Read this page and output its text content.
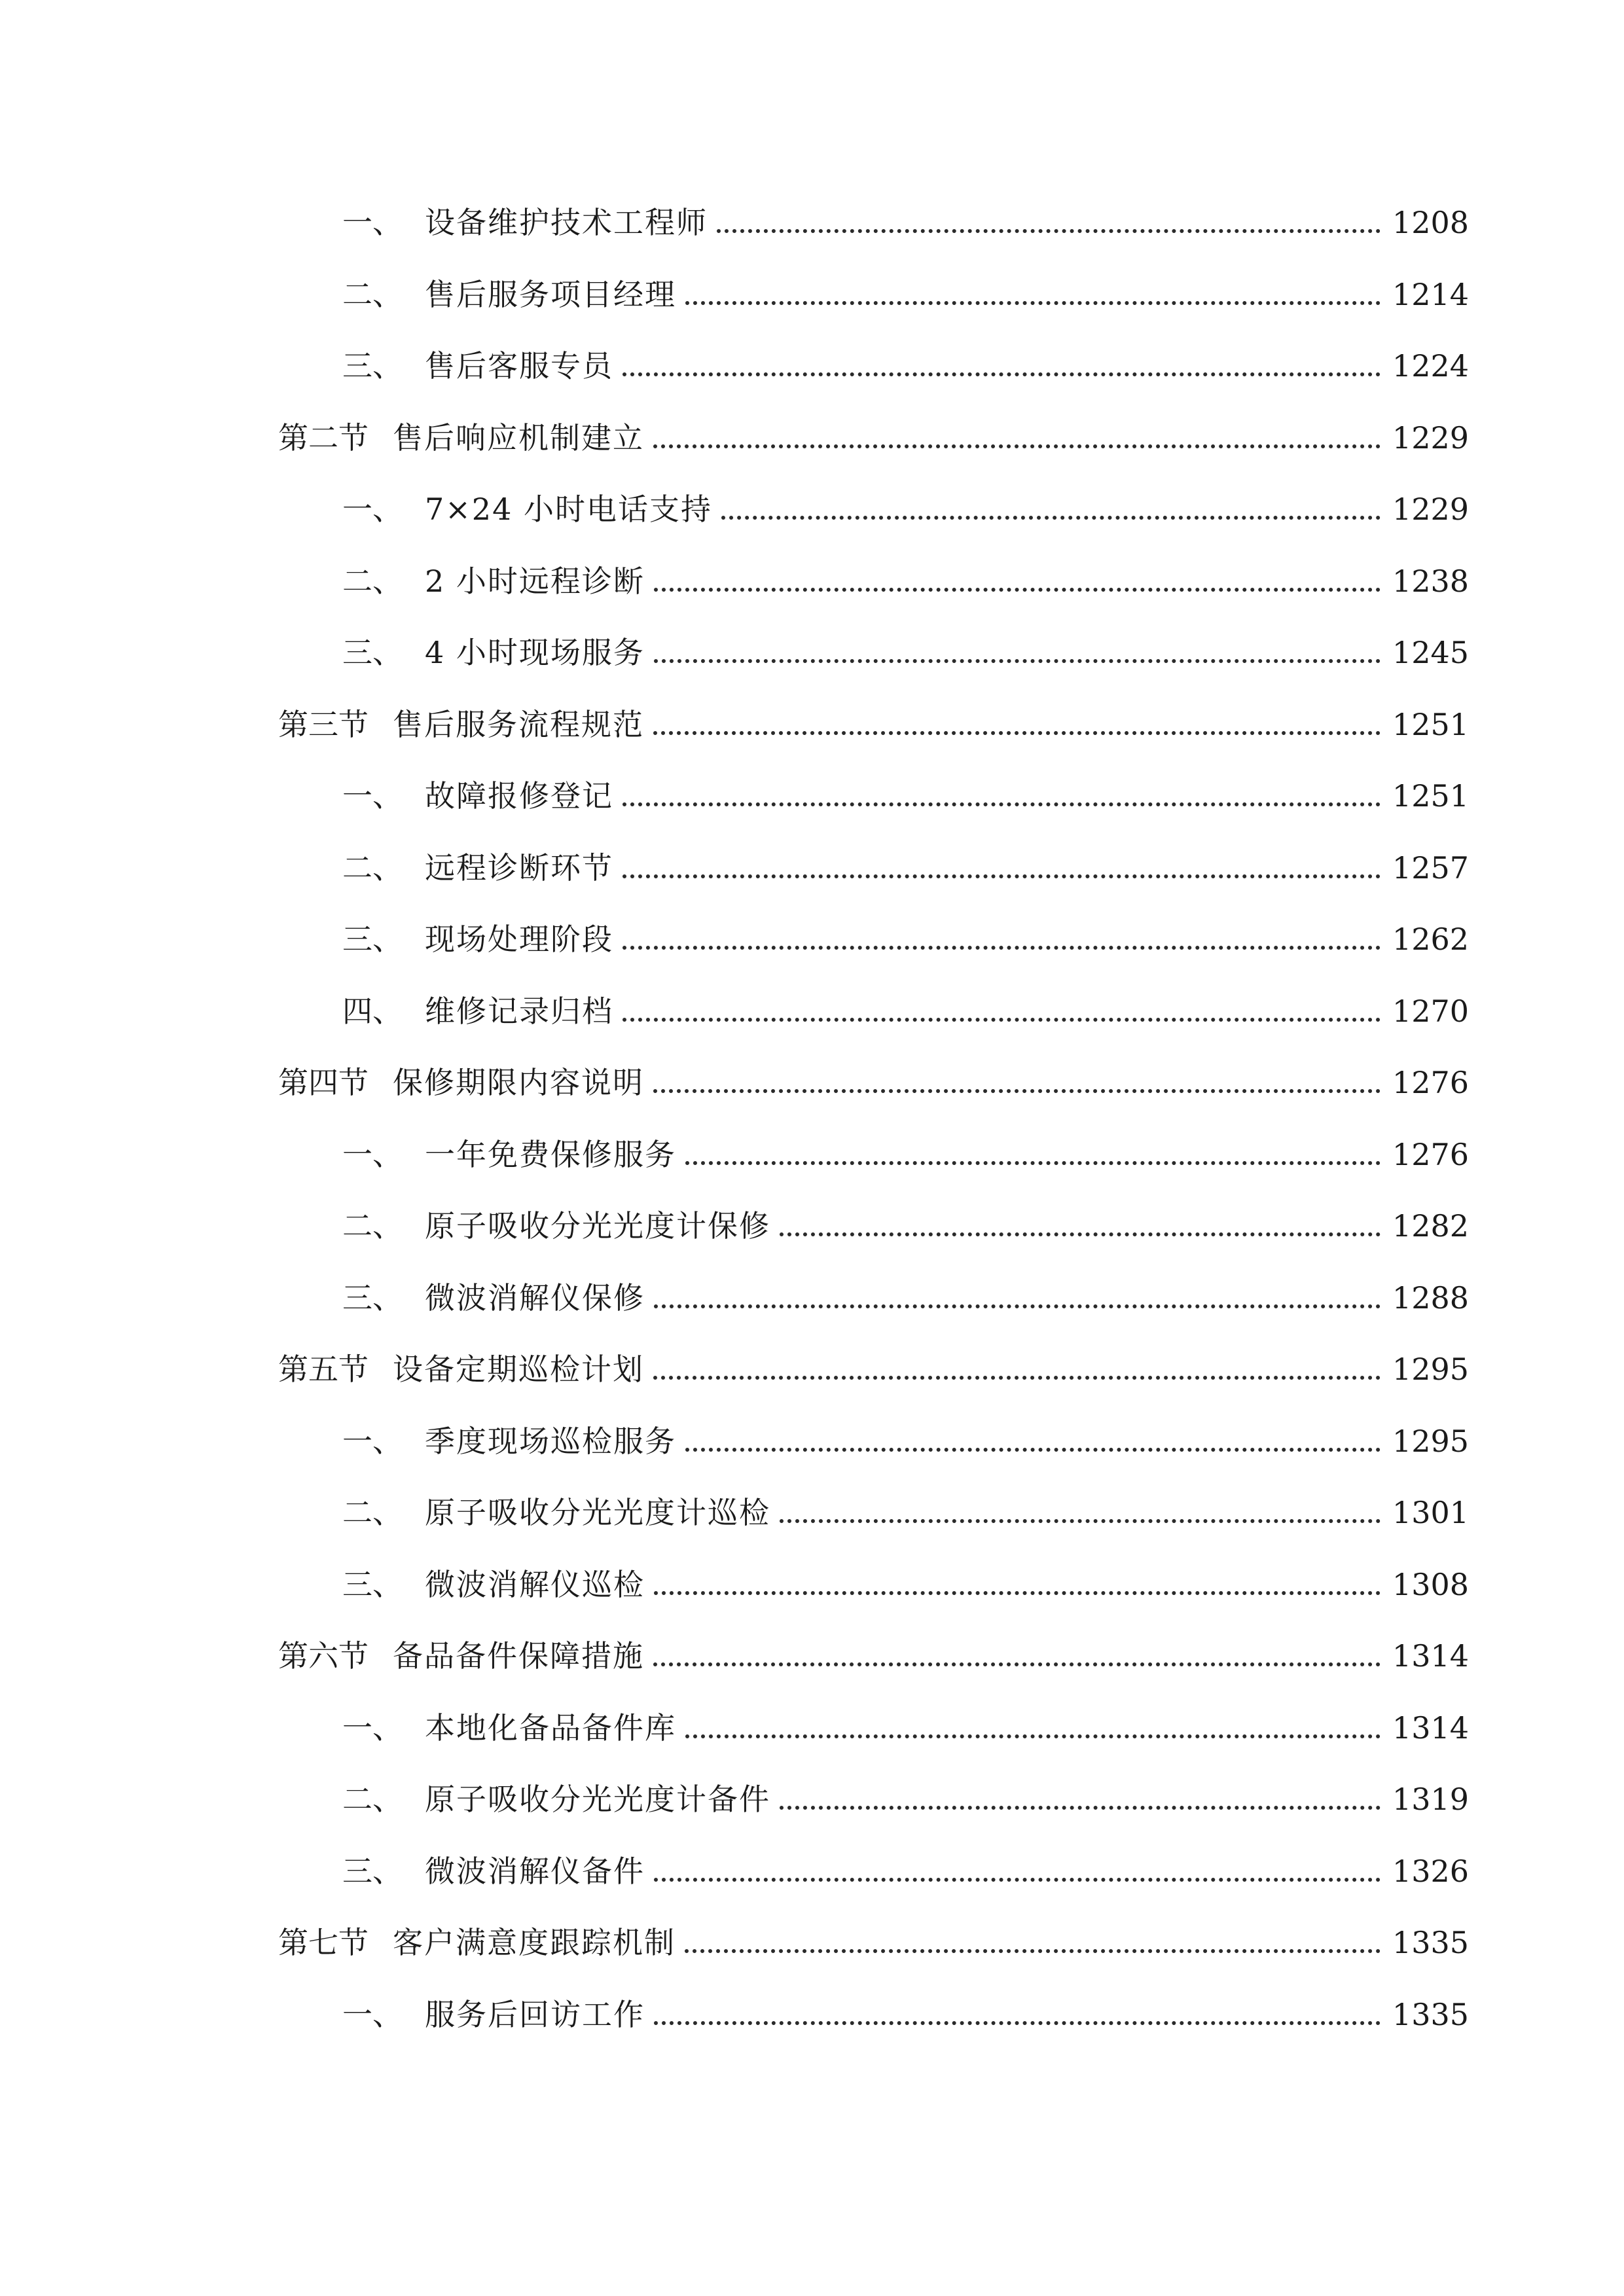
一、 设备维护技术工程师	1208
二、 售后服务项目经理	1214
三、 售后客服专员	1224
第二节 售后响应机制建立	1229
一、 7×24 小时电话支持	1229
二、 2 小时远程诊断	1238
三、 4 小时现场服务	1245
第三节 售后服务流程规范	1251
一、 故障报修登记	1251
二、 远程诊断环节	1257
三、 现场处理阶段	1262
四、 维修记录归档	1270
第四节 保修期限内容说明	1276
一、 一年免费保修服务	1276
二、 原子吸收分光光度计保修	1282
三、 微波消解仪保修	1288
第五节 设备定期巡检计划	1295
一、 季度现场巡检服务	1295
二、 原子吸收分光光度计巡检	1301
三、 微波消解仪巡检	1308
第六节 备品备件保障措施	1314
一、 本地化备品备件库	1314
二、 原子吸收分光光度计备件	1319
三、 微波消解仪备件	1326
第七节 客户满意度跟踪机制	1335
一、 服务后回访工作	1335
